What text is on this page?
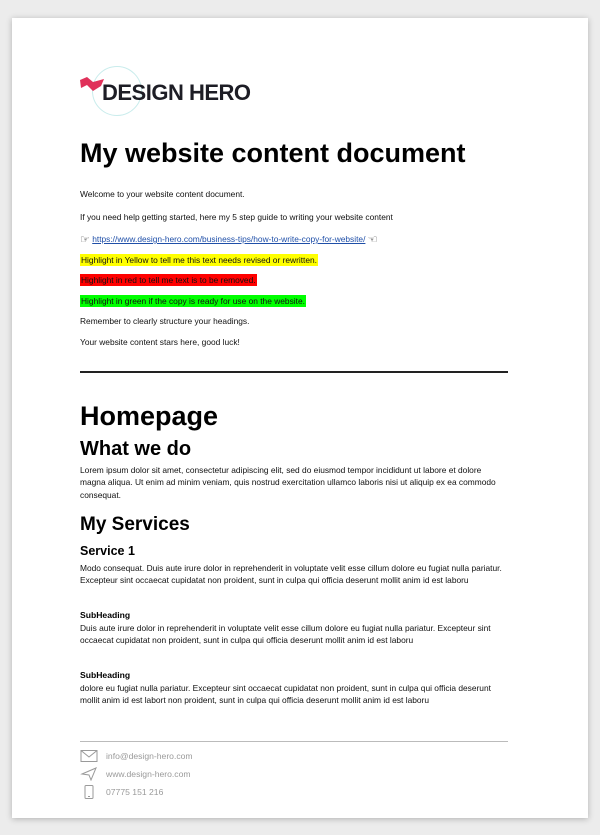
DESIGN HERO
My website content document
Welcome to your website content document.
If you need help getting started, here my 5 step guide to writing your website content
☞ https://www.design-hero.com/business-tips/how-to-write-copy-for-website/ ☜
Highlight in Yellow to tell me this text needs revised or rewritten.
Highlight in red to tell me text is to be removed.
Highlight in green if the copy is ready for use on the website.
Remember to clearly structure your headings.
Your website content stars here, good luck!
Homepage
What we do

Lorem ipsum dolor sit amet, consectetur adipiscing elit, sed do eiusmod tempor incididunt ut labore et dolore magna aliqua. Ut enim ad minim veniam, quis nostrud exercitation ullamco laboris nisi ut aliquip ex ea commodo consequat.

My Services
Service 1

Modo consequat. Duis aute irure dolor in reprehenderit in voluptate velit esse cillum dolore eu fugiat nulla pariatur. Excepteur sint occaecat cupidatat non proident, sunt in culpa qui officia deserunt mollit anim id est laboru

SubHeading

Duis aute irure dolor in reprehenderit in voluptate velit esse cillum dolore eu fugiat nulla pariatur. Excepteur sint occaecat cupidatat non proident, sunt in culpa qui officia deserunt mollit anim id est laboru

SubHeading

dolore eu fugiat nulla pariatur. Excepteur sint occaecat cupidatat non proident, sunt in culpa qui officia deserunt mollit anim id est labort non proident, sunt in culpa qui officia deserunt mollit anim id est laboru

info@design-hero.com
www.design-hero.com
07775 151 216
